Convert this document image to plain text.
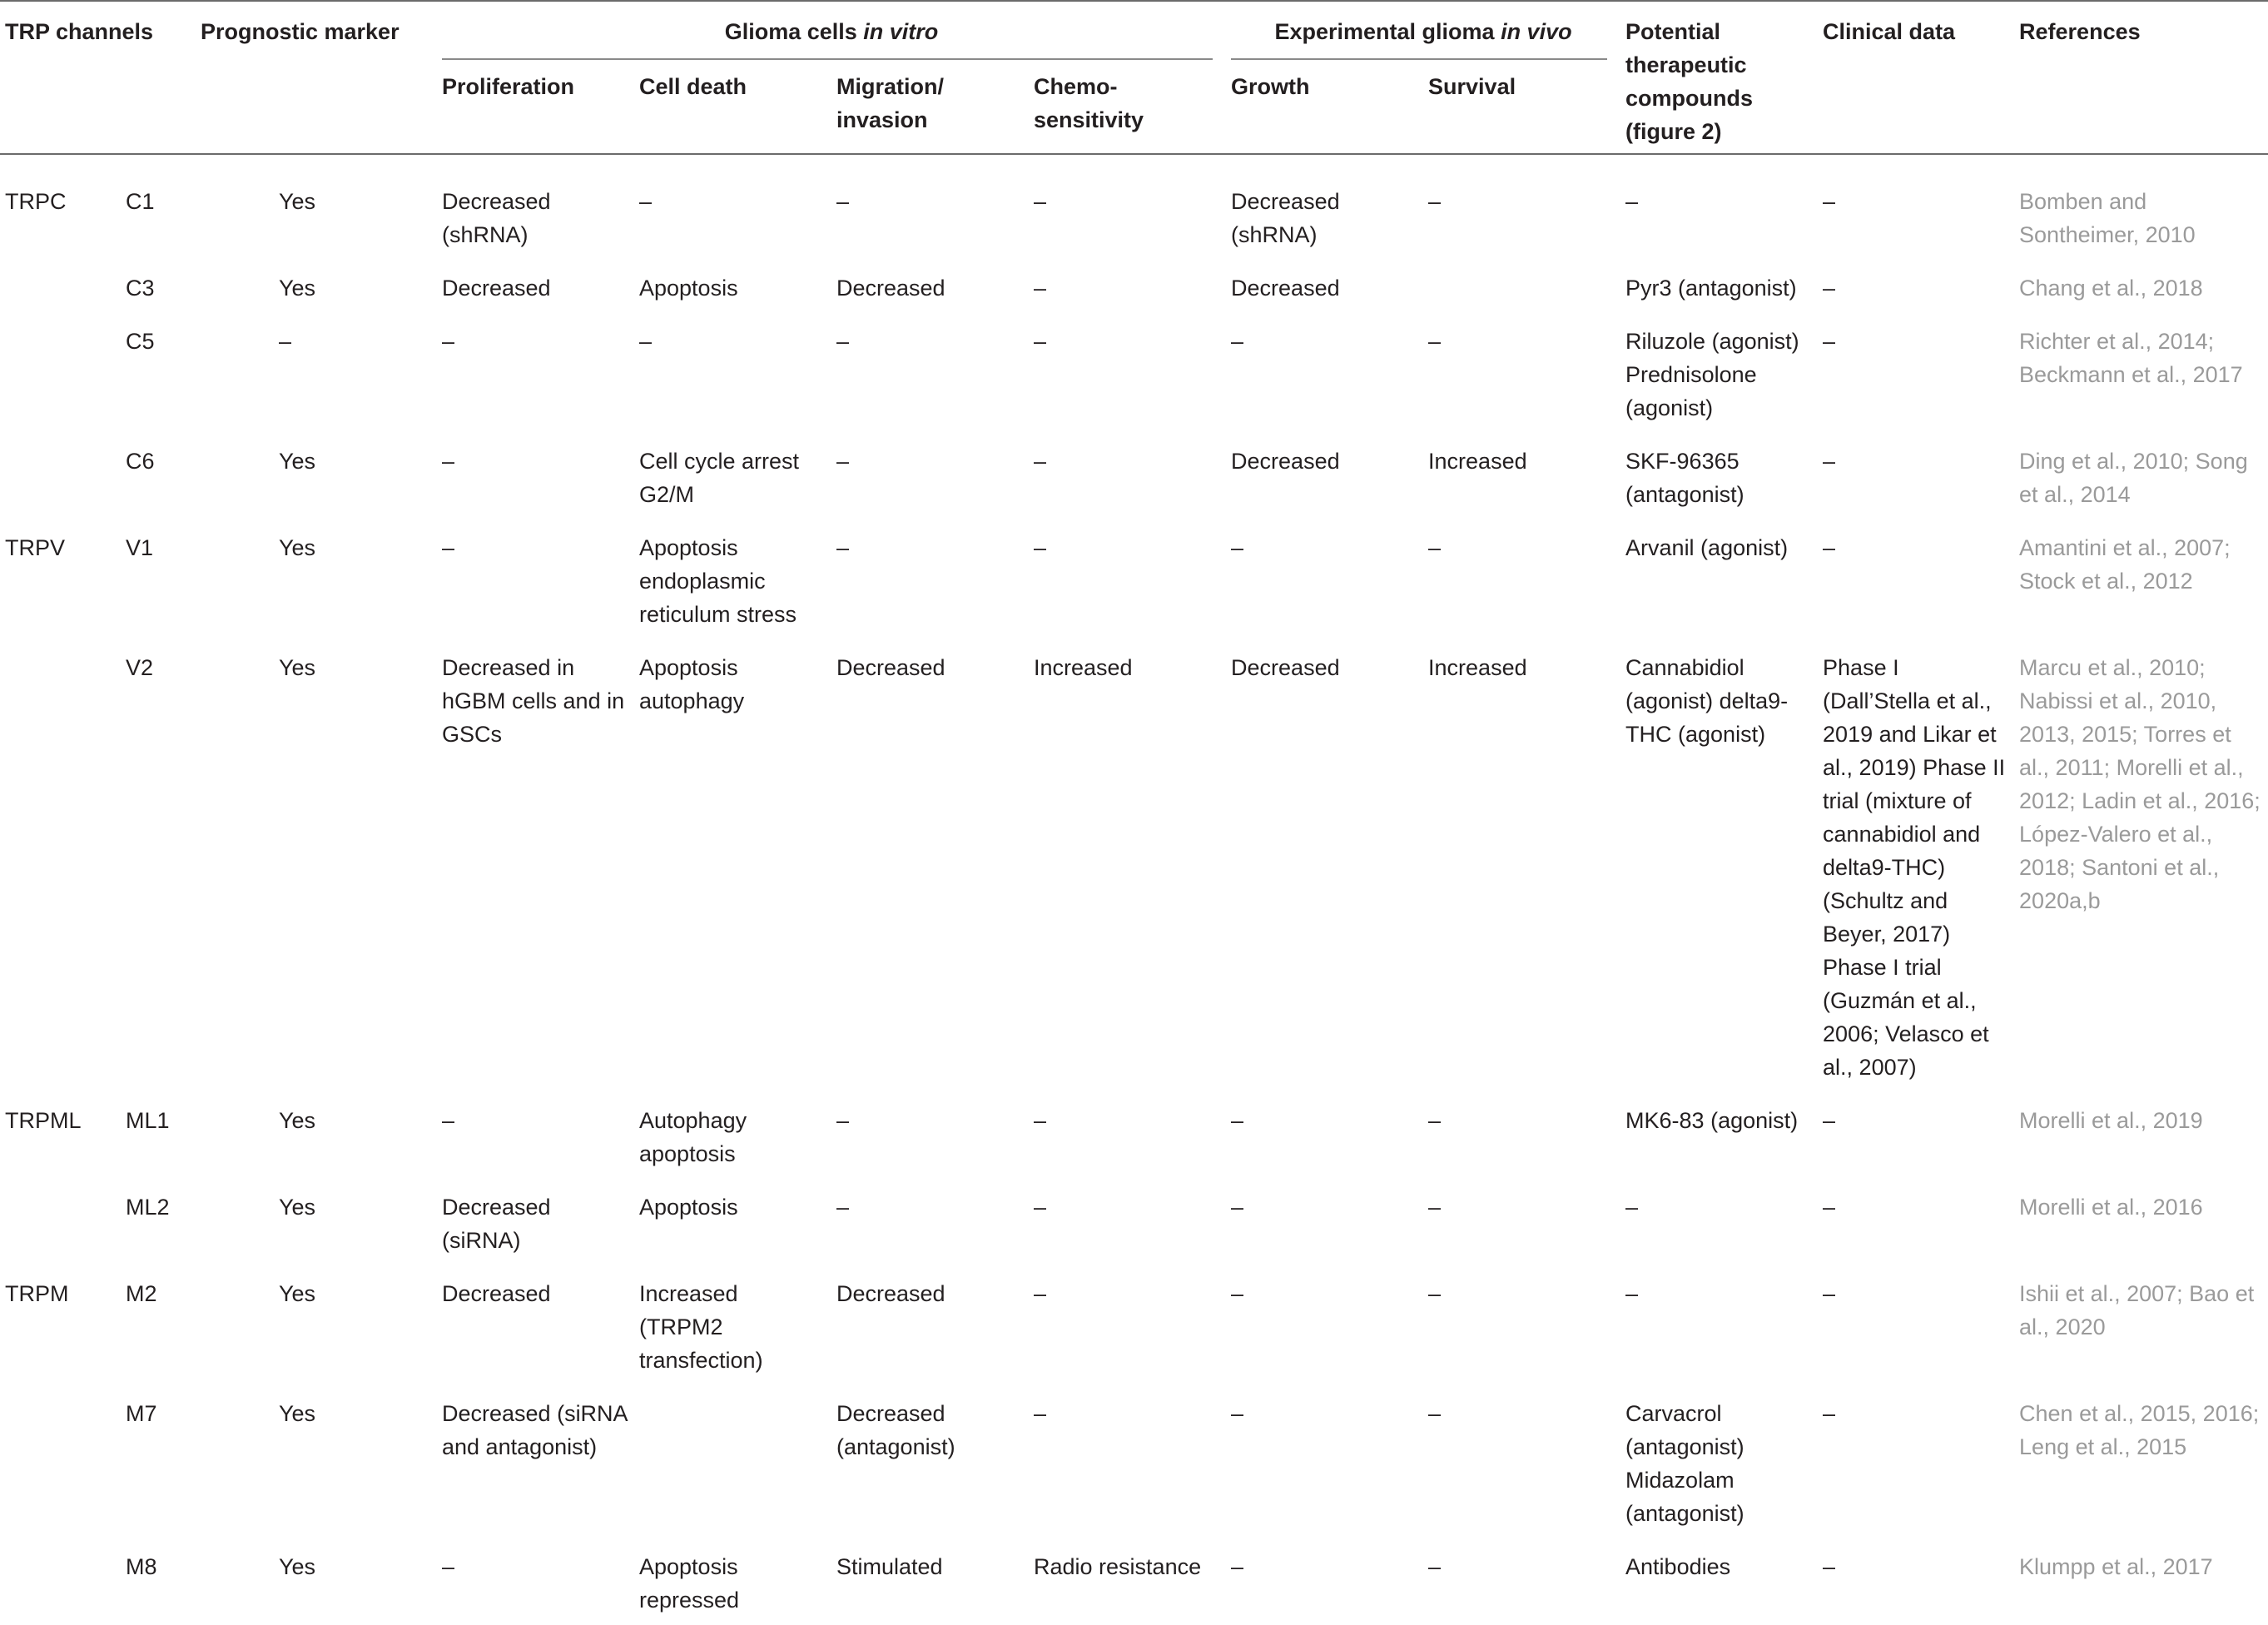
TRP channels		Prognostic marker	Glioma cells in vitro				Experimental glioma in vivo		Potential therapeutic compounds (figure 2)	Clinical data	References
			Proliferation	Cell death	Migration/ invasion	Chemo- sensitivity	Growth	Survival			
TRPC	C1	Yes	Decreased (shRNA)	–	–	–	Decreased (shRNA)	–	–	–	Bomben and Sontheimer, 2010
	C3	Yes	Decreased	Apoptosis	Decreased	–	Decreased		Pyr3 (antagonist)	–	Chang et al., 2018
	C5	–	–	–	–	–	–	–	Riluzole (agonist) Prednisolone (agonist)	–	Richter et al., 2014; Beckmann et al., 2017
	C6	Yes	–	Cell cycle arrest G2/M	–	–	Decreased	Increased	SKF-96365 (antagonist)	–	Ding et al., 2010; Song et al., 2014
TRPV	V1	Yes	–	Apoptosis endoplasmic reticulum stress	–	–	–	–	Arvanil (agonist)	–	Amantini et al., 2007; Stock et al., 2012
	V2	Yes	Decreased in hGBM cells and in GSCs	Apoptosis autophagy	Decreased	Increased	Decreased	Increased	Cannabidiol (agonist) delta9-THC (agonist)	Phase I (Dall’Stella et al., 2019 and Likar et al., 2019) Phase II trial (mixture of cannabidiol and delta9-THC) (Schultz and Beyer, 2017) Phase I trial (Guzmán et al., 2006; Velasco et al., 2007)	Marcu et al., 2010; Nabissi et al., 2010, 2013, 2015; Torres et al., 2011; Morelli et al., 2012; Ladin et al., 2016; López-Valero et al., 2018; Santoni et al., 2020a,b
TRPML	ML1	Yes	–	Autophagy apoptosis	–	–	–	–	MK6-83 (agonist)	–	Morelli et al., 2019
	ML2	Yes	Decreased (siRNA)	Apoptosis	–	–	–	–	–	–	Morelli et al., 2016
TRPM	M2	Yes	Decreased	Increased (TRPM2 transfection)	Decreased	–	–	–	–	–	Ishii et al., 2007; Bao et al., 2020
	M7	Yes	Decreased (siRNA and antagonist)		Decreased (antagonist)	–	–	–	Carvacrol (antagonist) Midazolam (antagonist)	–	Chen et al., 2015, 2016; Leng et al., 2015
	M8	Yes	–	Apoptosis repressed	Stimulated	Radio resistance	–	–	Antibodies	–	Klumpp et al., 2017
